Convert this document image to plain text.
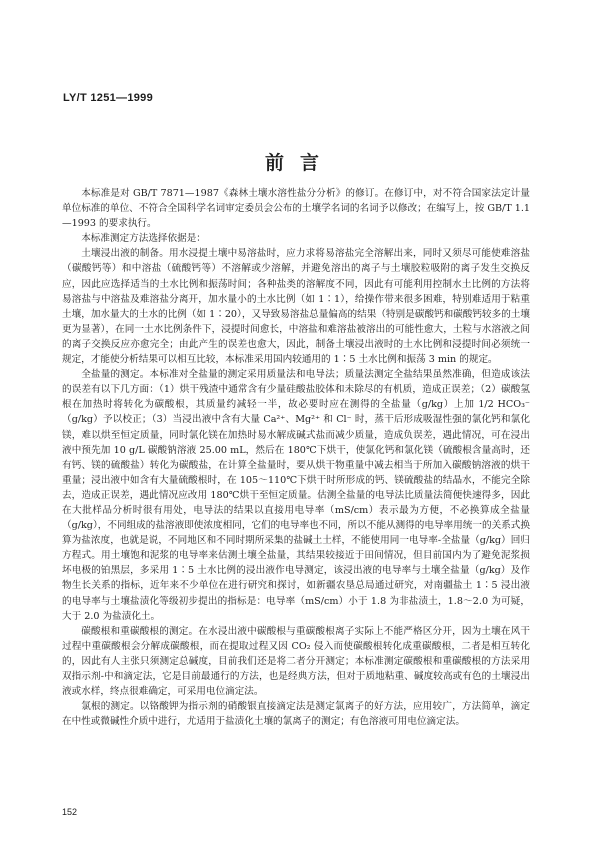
LY/T 1251—1999
前言

本标准是对 GB/T 7871—1987《森林土壤水溶性盐分分析》的修订。在修订中，对不符合国家法定计量单位标准的单位、不符合全国科学名词审定委员会公布的土壤学名词的名词予以修改；在编写上，按 GB/T 1.1—1993 的要求执行。

本标准测定方法选择依据是：

土壤浸出液的制备。用水浸提土壤中易溶盐时，应力求将易溶盐完全溶解出来，同时又须尽可能使难溶盐（碳酸钙等）和中溶盐（硫酸钙等）不溶解或少溶解，并避免溶出的离子与土壤胶粒吸附的离子发生交换反应，因此应选择适当的土水比例和振荡时间；各种盐类的溶解度不同，因此有可能利用控制水土比例的方法将易溶盐与中溶盐及难溶盐分离开，加水量小的土水比例（如 1∶1），给操作带来很多困难，特别难适用于粘重土壤，加水量大的土水的比例（如 1∶20），又导致易溶盐总量偏高的结果（特别是碳酸钙和碳酸钙较多的土壤更为显著），在同一土水比例条件下，浸提时间愈长，中溶盐和难溶盐被溶出的可能性愈大，土粒与水溶液之间的离子交换反应亦愈完全；由此产生的误差也愈大，因此，制备土壤浸出液时的土水比例和浸提时间必须统一规定，才能使分析结果可以相互比较，本标准采用国内较通用的 1∶5 土水比例和振荡 3 min 的规定。

全盐量的测定。本标准对全盐量的测定采用质量法和电导法；质量法测定全盐结果虽然准确，但造成该法的误差有以下几方面：（1）烘干残渣中通常含有少量硅酸盐胶体和未除尽的有机质，造成正误差；（2）碳酸氢根在加热时将转化为碳酸根，其质量约减轻一半，故必要时应在测得的全盐量（g/kg）上加 1/2 HCO₃⁻（g/kg）予以校正；（3）当浸出液中含有大量 Ca²⁺、Mg²⁺ 和 Cl⁻ 时，蒸干后形成吸湿性强的氯化钙和氯化镁，难以烘至恒定质量，同时氯化镁在加热时易水解成碱式盐而减少质量，造成负误差，遇此情况，可在浸出液中预先加 10 g/L 碳酸钠溶液 25.00 mL，然后在 180℃下烘干，使氯化钙和氯化镁（硫酸根含量高时，还有钙、镁的硫酸盐）转化为碳酸盐，在计算全盐量时，要从烘干物重量中减去相当于所加入碳酸钠溶液的烘干重量；浸出液中如含有大量硫酸根时，在 105～110℃下烘干时所形成的钙、镁硫酸盐的结晶水，不能完全除去，造成正误差，遇此情况应改用 180℃烘干至恒定质量。估测全盐量的电导法比质量法简便快速得多，因此在大批样品分析时很有用处，电导法的结果以直接用电导率（mS/cm）表示最为方便，不必换算成全盐量（g/kg），不同组成的盐溶液即使浓度相同，它们的电导率也不同，所以不能从测得的电导率用统一的关系式换算为盐浓度，也就是说，不同地区和不同时期所采集的盐碱土土样，不能使用同一电导率-全盐量（g/kg）回归方程式。用土壤饱和泥浆的电导率来估测土壤全盐量，其结果较接近于田间情况，但目前国内为了避免泥浆损坏电极的铂黑层，多采用 1∶5 土水比例的浸出液作电导测定，该浸出液的电导率与土壤全盐量（g/kg）及作物生长关系的指标，近年来不少单位在进行研究和探讨，如新疆农垦总局通过研究，对南疆盐土 1∶5 浸出液的电导率与土壤盐渍化等级初步提出的指标是：电导率（mS/cm）小于 1.8 为非盐渍土，1.8～2.0 为可疑，大于 2.0 为盐渍化土。

碳酸根和重碳酸根的测定。在水浸出液中碳酸根与重碳酸根离子实际上不能严格区分开，因为土壤在风干过程中重碳酸根会分解成碳酸根，而在提取过程又因 CO₂ 侵入而使碳酸根转化成重碳酸根，二者是相互转化的，因此有人主张只须测定总碱度，目前我们还是将二者分开测定；本标准测定碳酸根和重碳酸根的方法采用双指示剂-中和滴定法，它是目前最通行的方法，也是经典方法，但对于质地粘重、碱度较高或有色的土壤浸出液或水样，终点很难确定，可采用电位滴定法。

氯根的测定。以铬酸钾为指示剂的硝酸银直接滴定法是测定氯离子的好方法，应用较广，方法简单，滴定在中性或微碱性介质中进行，尤适用于盐渍化土壤的氯离子的测定；有色溶液可用电位滴定法。

152
